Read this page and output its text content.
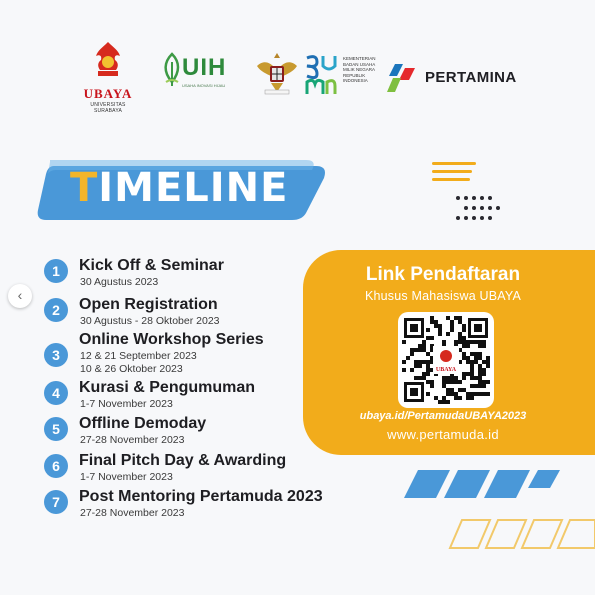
UBAYA
UNIVERSITAS SURABAYA
UIH
USAHA INOVASI HIJAU
KEMENTERIAN
BADAN USAHA
MILIK NEGARA
REPUBLIK
INDONESIA	PERTAMINA
TIMELINE
1	Kick Off & Seminar
30 Agustus 2023
2	Open Registration
30 Agustus - 28 Oktober 2023
3
Online Workshop Series
12 & 21 September 2023
10 & 26 Oktober 2023
4	Kurasi & Pengumuman
1-7 November 2023
5	Offline Demoday
27-28 November 2023
6	Final Pitch Day & Awarding
1-7 November 2023
7	Post Mentoring Pertamuda 2023
27-28 November 2023
Link Pendaftaran
Khusus Mahasiswa UBAYA
UBAYA
ubaya.id/PertamudaUBAYA2023
www.pertamuda.id
‹
